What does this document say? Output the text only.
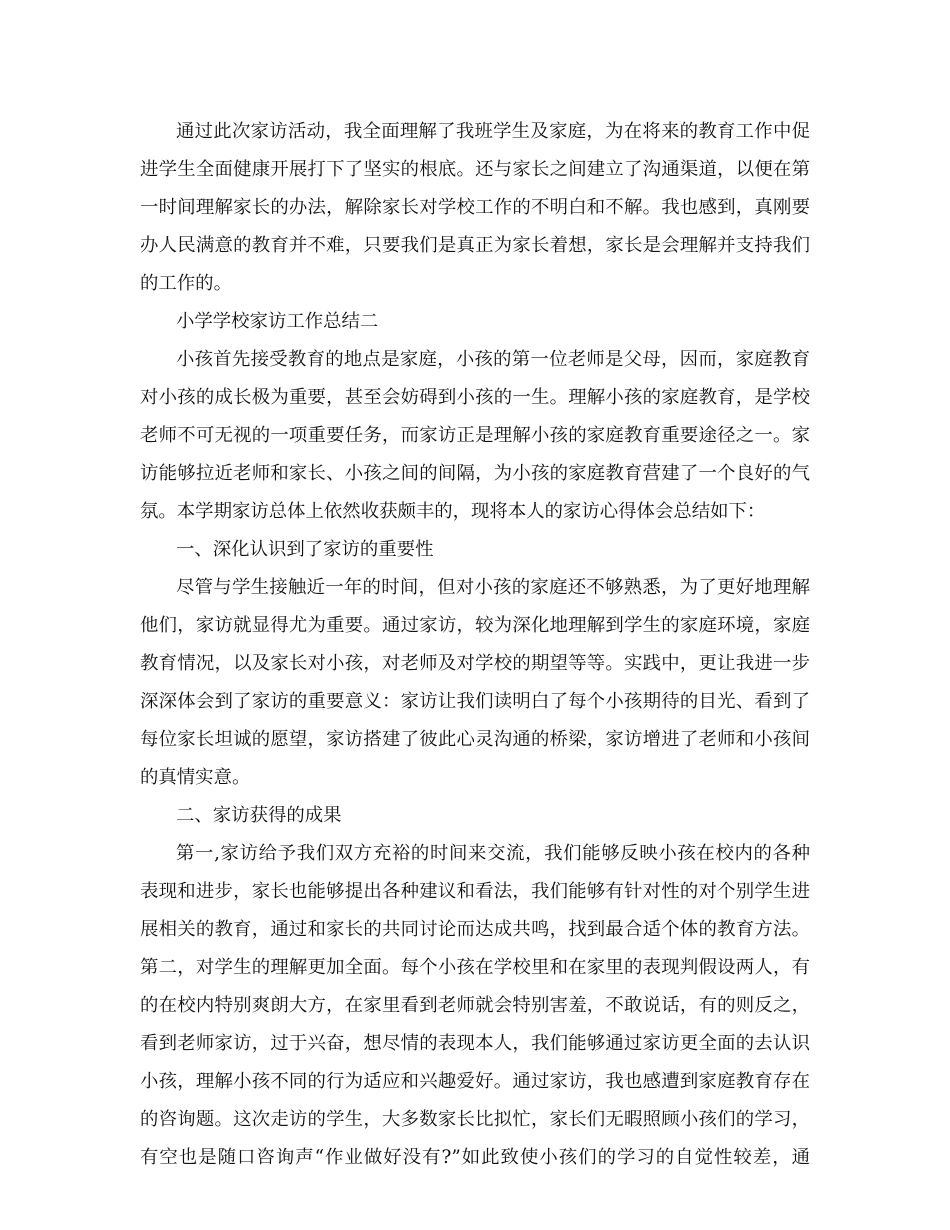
通过此次家访活动，我全面理解了我班学生及家庭，为在将来的教育工作中促
进学生全面健康开展打下了坚实的根底。还与家长之间建立了沟通渠道，以便在第
一时间理解家长的办法，解除家长对学校工作的不明白和不解。我也感到，真刚要
办人民满意的教育并不难，只要我们是真正为家长着想，家长是会理解并支持我们
的工作的。
小学学校家访工作总结二
小孩首先接受教育的地点是家庭，小孩的第一位老师是父母，因而，家庭教育
对小孩的成长极为重要，甚至会妨碍到小孩的一生。理解小孩的家庭教育，是学校
老师不可无视的一项重要任务，而家访正是理解小孩的家庭教育重要途径之一。家
访能够拉近老师和家长、小孩之间的间隔，为小孩的家庭教育营建了一个良好的气
氛。本学期家访总体上依然收获颇丰的，现将本人的家访心得体会总结如下：
一、深化认识到了家访的重要性
尽管与学生接触近一年的时间，但对小孩的家庭还不够熟悉，为了更好地理解
他们，家访就显得尤为重要。通过家访，较为深化地理解到学生的家庭环境，家庭
教育情况，以及家长对小孩，对老师及对学校的期望等等。实践中，更让我进一步
深深体会到了家访的重要意义：家访让我们读明白了每个小孩期待的目光、看到了
每位家长坦诚的愿望，家访搭建了彼此心灵沟通的桥梁，家访增进了老师和小孩间
的真情实意。
二、家访获得的成果
第一,家访给予我们双方充裕的时间来交流，我们能够反映小孩在校内的各种
表现和进步，家长也能够提出各种建议和看法，我们能够有针对性的对个别学生进
展相关的教育，通过和家长的共同讨论而达成共鸣，找到最合适个体的教育方法。
第二，对学生的理解更加全面。每个小孩在学校里和在家里的表现判假设两人，有
的在校内特别爽朗大方，在家里看到老师就会特别害羞，不敢说话，有的则反之，
看到老师家访，过于兴奋，想尽情的表现本人，我们能够通过家访更全面的去认识
小孩，理解小孩不同的行为适应和兴趣爱好。通过家访，我也感遭到家庭教育存在
的咨询题。这次走访的学生，大多数家长比拟忙，家长们无暇照顾小孩们的学习，
有空也是随口咨询声“作业做好没有?”如此致使小孩们的学习的自觉性较差，通
